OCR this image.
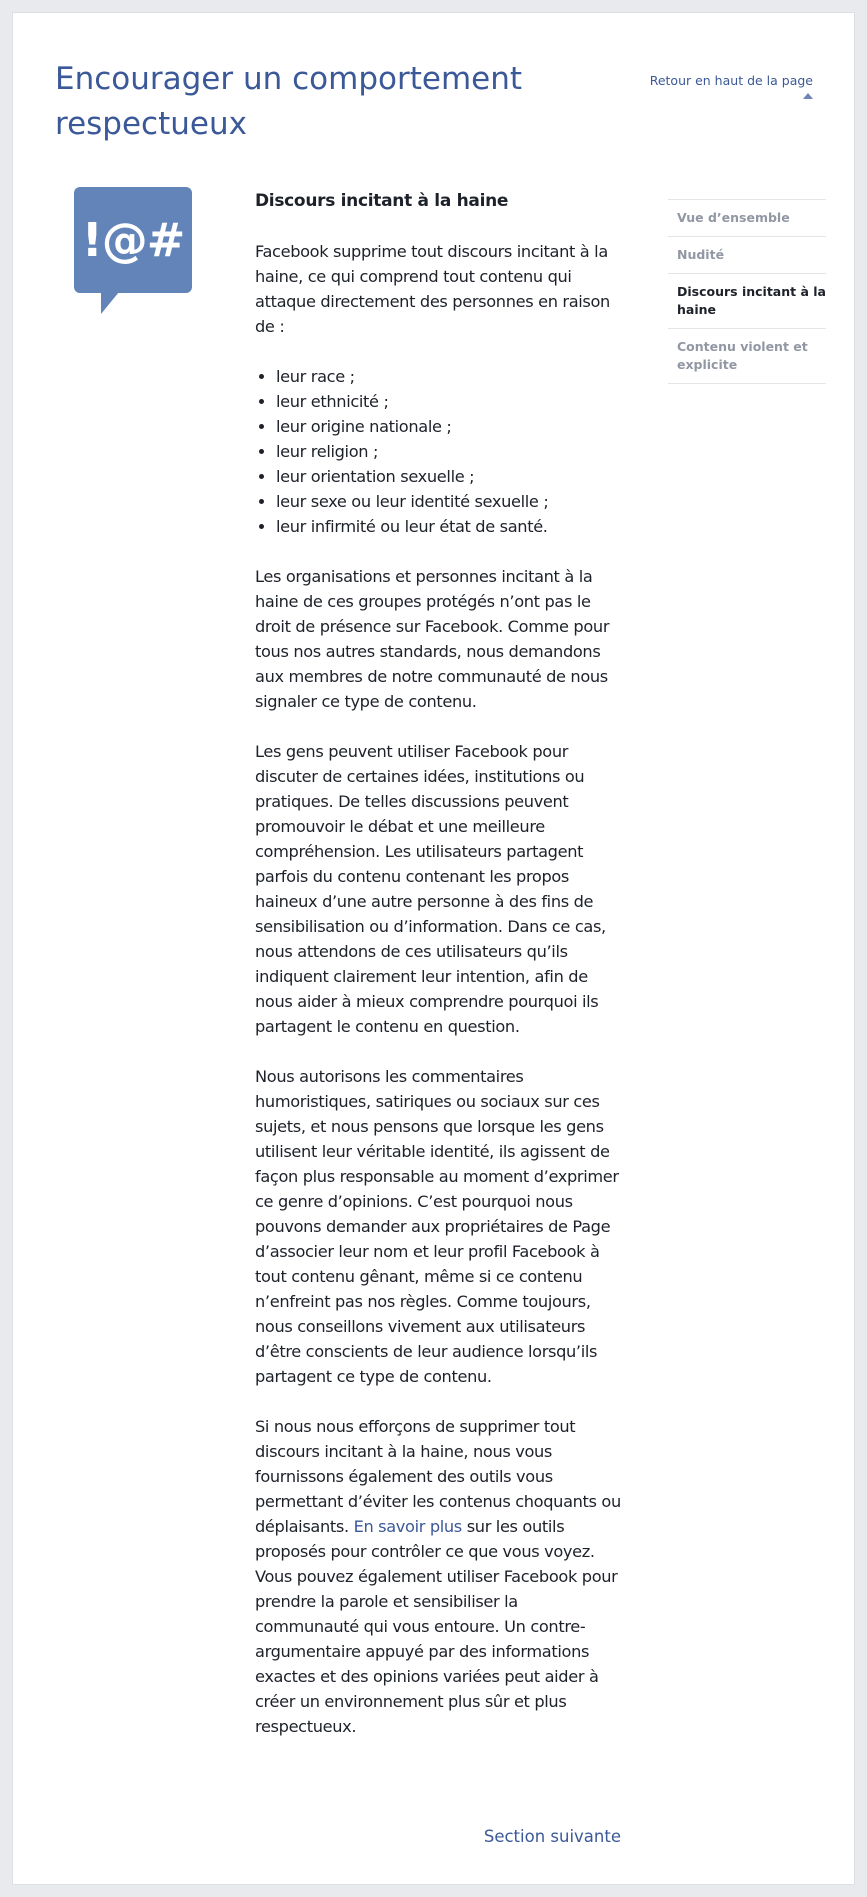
Encourager un comportement respectueux
Retour en haut de la page
!@#
Discours incitant à la haine

Facebook supprime tout discours incitant à la haine, ce qui comprend tout contenu qui attaque directement des personnes en raison de :

• leur race ;
• leur ethnicité ;
• leur origine nationale ;
• leur religion ;
• leur orientation sexuelle ;
• leur sexe ou leur identité sexuelle ;
• leur infirmité ou leur état de santé.

Les organisations et personnes incitant à la haine de ces groupes protégés n’ont pas le droit de présence sur Facebook. Comme pour tous nos autres standards, nous demandons aux membres de notre communauté de nous signaler ce type de contenu.

Les gens peuvent utiliser Facebook pour discuter de certaines idées, institutions ou pratiques. De telles discussions peuvent promouvoir le débat et une meilleure compréhension. Les utilisateurs partagent parfois du contenu contenant les propos haineux d’une autre personne à des fins de sensibilisation ou d’information. Dans ce cas, nous attendons de ces utilisateurs qu’ils indiquent clairement leur intention, afin de nous aider à mieux comprendre pourquoi ils partagent le contenu en question.

Nous autorisons les commentaires humoristiques, satiriques ou sociaux sur ces sujets, et nous pensons que lorsque les gens utilisent leur véritable identité, ils agissent de façon plus responsable au moment d’exprimer ce genre d’opinions. C’est pourquoi nous pouvons demander aux propriétaires de Page d’associer leur nom et leur profil Facebook à tout contenu gênant, même si ce contenu n’enfreint pas nos règles. Comme toujours, nous conseillons vivement aux utilisateurs d’être conscients de leur audience lorsqu’ils partagent ce type de contenu.

Si nous nous efforçons de supprimer tout discours incitant à la haine, nous vous fournissons également des outils vous permettant d’éviter les contenus choquants ou déplaisants. En savoir plus sur les outils proposés pour contrôler ce que vous voyez. Vous pouvez également utiliser Facebook pour prendre la parole et sensibiliser la communauté qui vous entoure. Un contre-argumentaire appuyé par des informations exactes et des opinions variées peut aider à créer un environnement plus sûr et plus respectueux.

Section suivante
Vue d’ensemble
Nudité
Discours incitant à la haine
Contenu violent et explicite
